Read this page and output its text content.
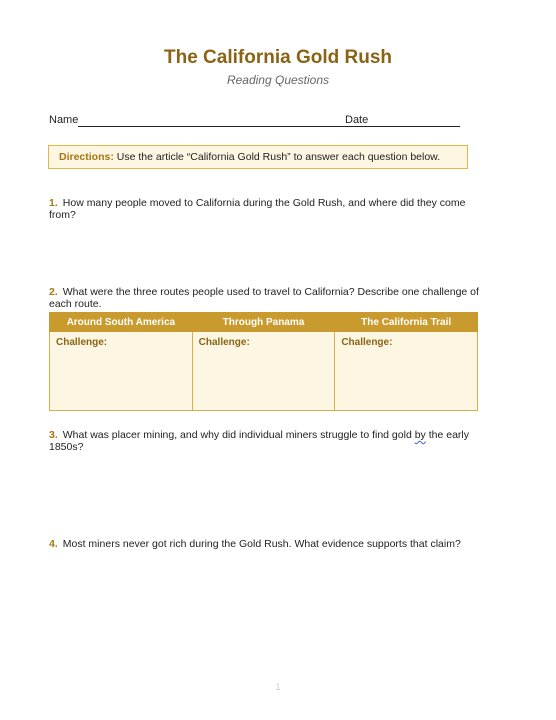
The California Gold Rush
Reading Questions
Name	Date
Directions: Use the article “California Gold Rush” to answer each question below.
1. How many people moved to California during the Gold Rush, and where did they come from?
2. What were the three routes people used to travel to California? Describe one challenge of each route.
Around South America	Through Panama	The California Trail
Challenge:	Challenge:	Challenge:
3. What was placer mining, and why did individual miners struggle to find gold by the early 1850s?
4. Most miners never got rich during the Gold Rush. What evidence supports that claim?
1
